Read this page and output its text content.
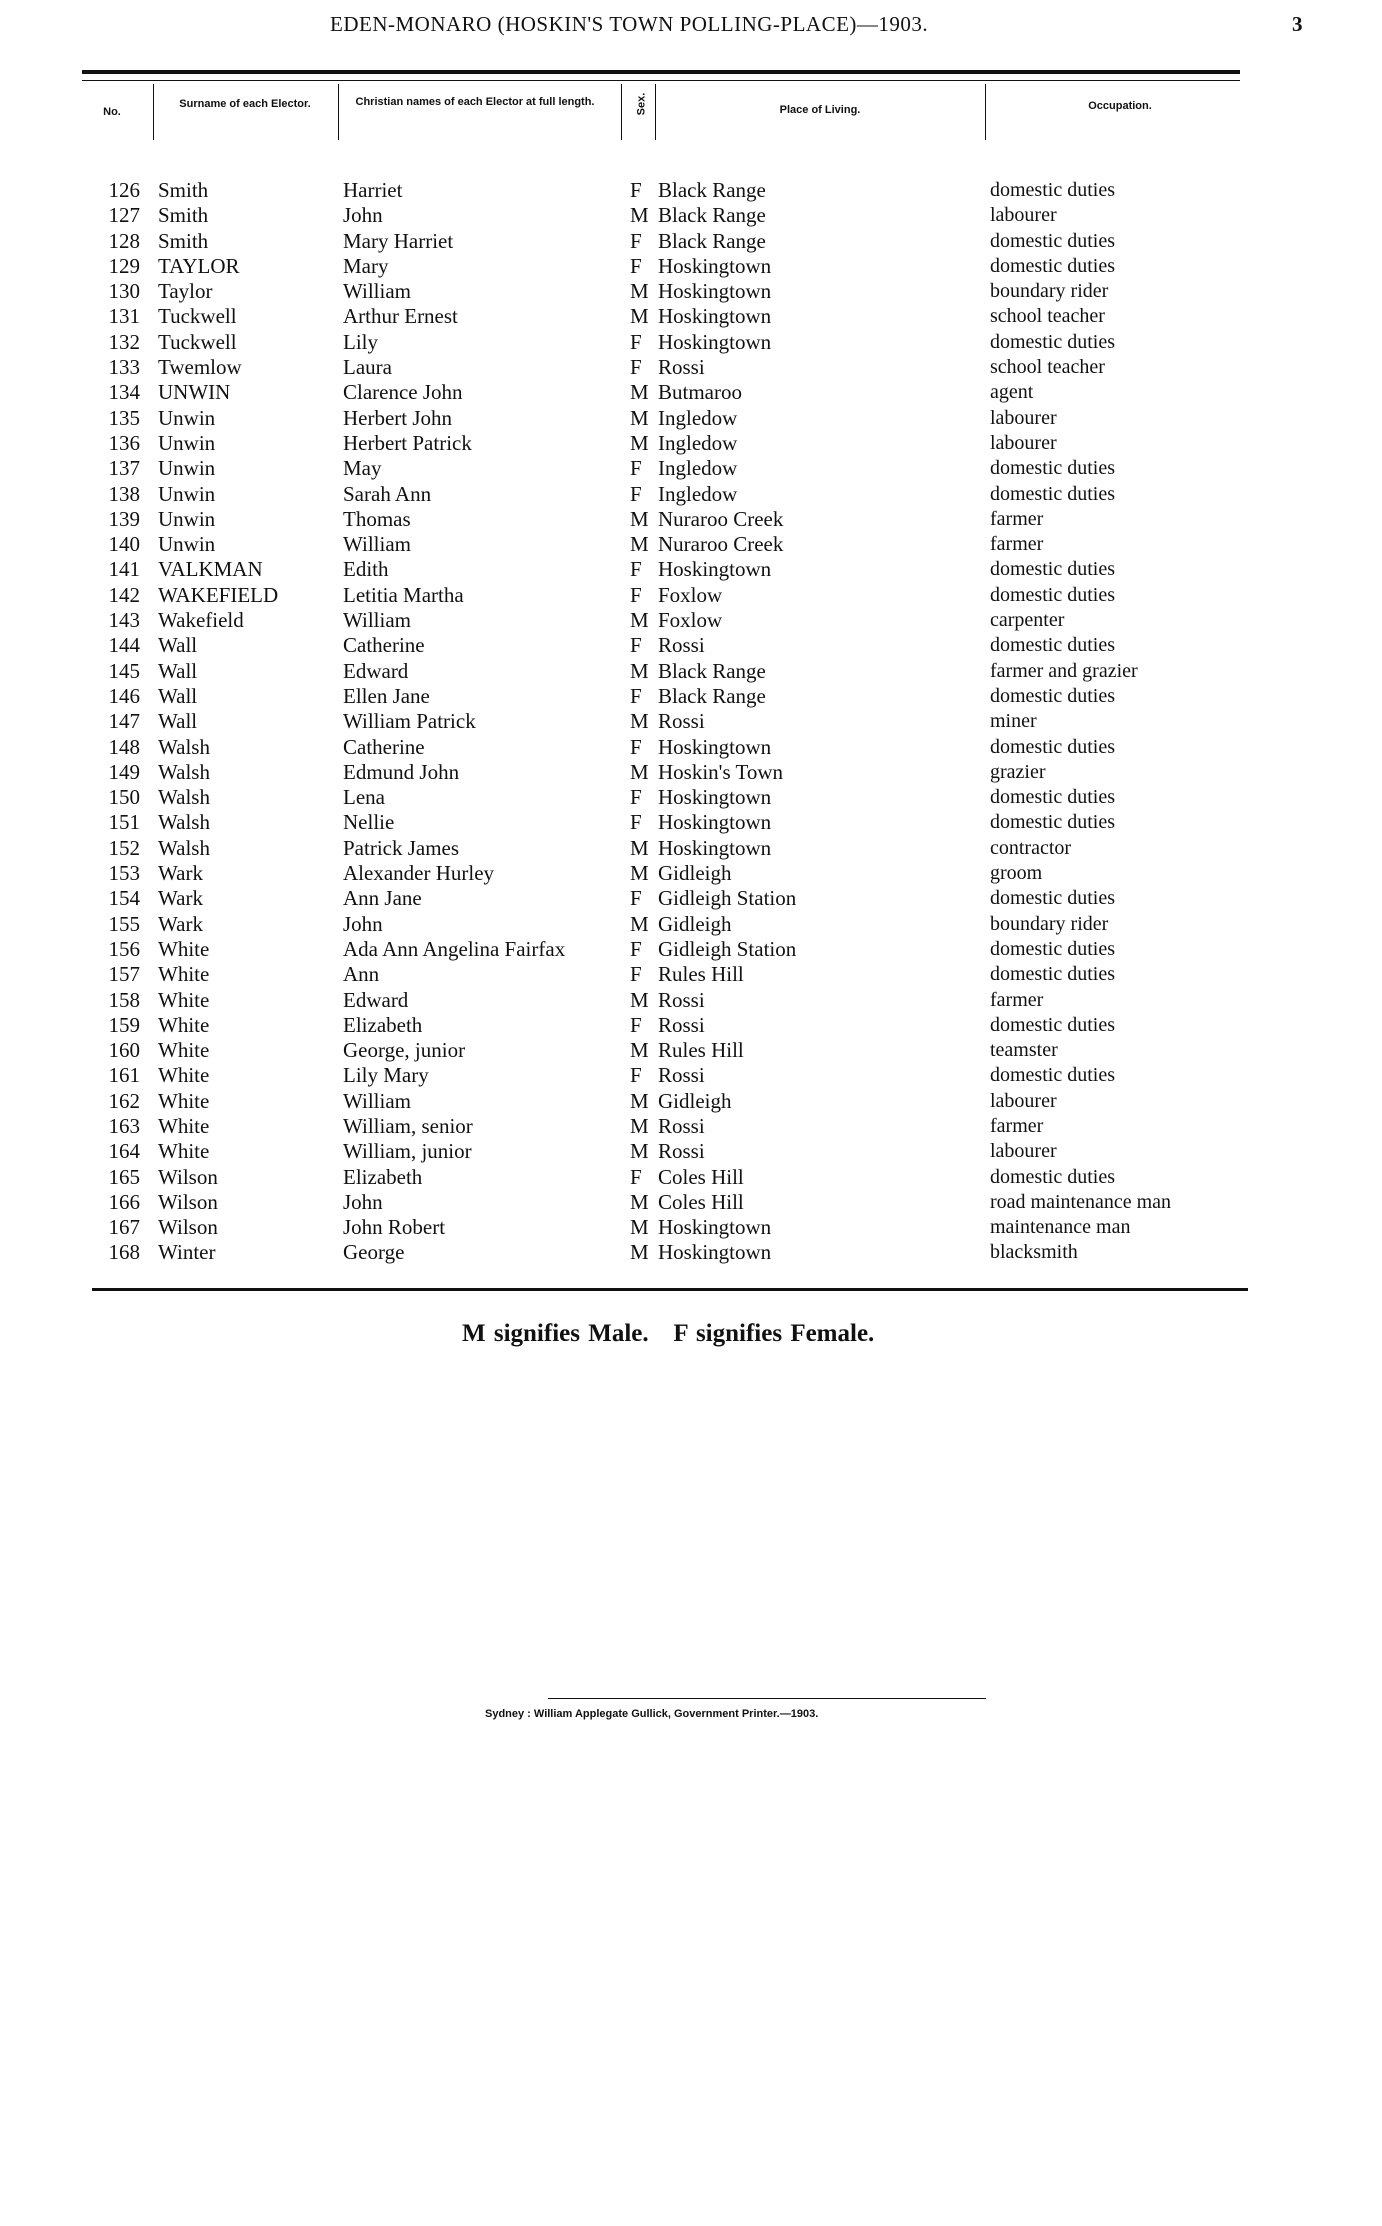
EDEN-MONARO (HOSKIN'S TOWN POLLING-PLACE)—1903.	3
No.
Surname of each Elector.	Christian names of each Elector at full length.	Sex.	Place of Living.	Occupation.
126 Smith	Harriet	F Black Range	domestic duties
127 Smith	John	M Black Range	labourer
128 Smith	Mary Harriet	F Black Range	domestic duties
129 TAYLOR	Mary	F Hoskingtown	domestic duties
130 Taylor	William	M Hoskingtown	boundary rider
131 Tuckwell	Arthur Ernest	M Hoskingtown	school teacher
132 Tuckwell	Lily	F Hoskingtown	domestic duties
133 Twemlow	Laura	F Rossi	school teacher
134 UNWIN	Clarence John	M Butmaroo	agent
135 Unwin	Herbert John	M Ingledow	labourer
136 Unwin	Herbert Patrick	M Ingledow	labourer
137 Unwin	May	F Ingledow	domestic duties
138 Unwin	Sarah Ann	F Ingledow	domestic duties
139 Unwin	Thomas	M Nuraroo Creek	farmer
140 Unwin	William	M Nuraroo Creek	farmer
141 VALKMAN	Edith	F Hoskingtown	domestic duties
142 WAKEFIELD	Letitia Martha	F Foxlow	domestic duties
143 Wakefield	William	M Foxlow	carpenter
144 Wall	Catherine	F Rossi	domestic duties
145 Wall	Edward	M Black Range	farmer and grazier
146 Wall	Ellen Jane	F Black Range	domestic duties
147 Wall	William Patrick	M Rossi	miner
148 Walsh	Catherine	F Hoskingtown	domestic duties
149 Walsh	Edmund John	M Hoskin's Town	grazier
150 Walsh	Lena	F Hoskingtown	domestic duties
151 Walsh	Nellie	F Hoskingtown	domestic duties
152 Walsh	Patrick James	M Hoskingtown	contractor
153 Wark	Alexander Hurley	M Gidleigh	groom
154 Wark	Ann Jane	F Gidleigh Station	domestic duties
155 Wark	John	M Gidleigh	boundary rider
156 White	Ada Ann Angelina Fairfax	F Gidleigh Station	domestic duties
157 White	Ann	F Rules Hill	domestic duties
158 White	Edward	M Rossi	farmer
159 White	Elizabeth	F Rossi	domestic duties
160 White	George, junior	M Rules Hill	teamster
161 White	Lily Mary	F Rossi	domestic duties
162 White	William	M Gidleigh	labourer
163 White	William, senior	M Rossi	farmer
164 White	William, junior	M Rossi	labourer
165 Wilson	Elizabeth	F Coles Hill	domestic duties
166 Wilson	John	M Coles Hill	road maintenance man
167 Wilson	John Robert	M Hoskingtown	maintenance man
168 Winter	George	M Hoskingtown	blacksmith
M signifies Male.   F signifies Female.
Sydney : William Applegate Gullick, Government Printer.—1903.
